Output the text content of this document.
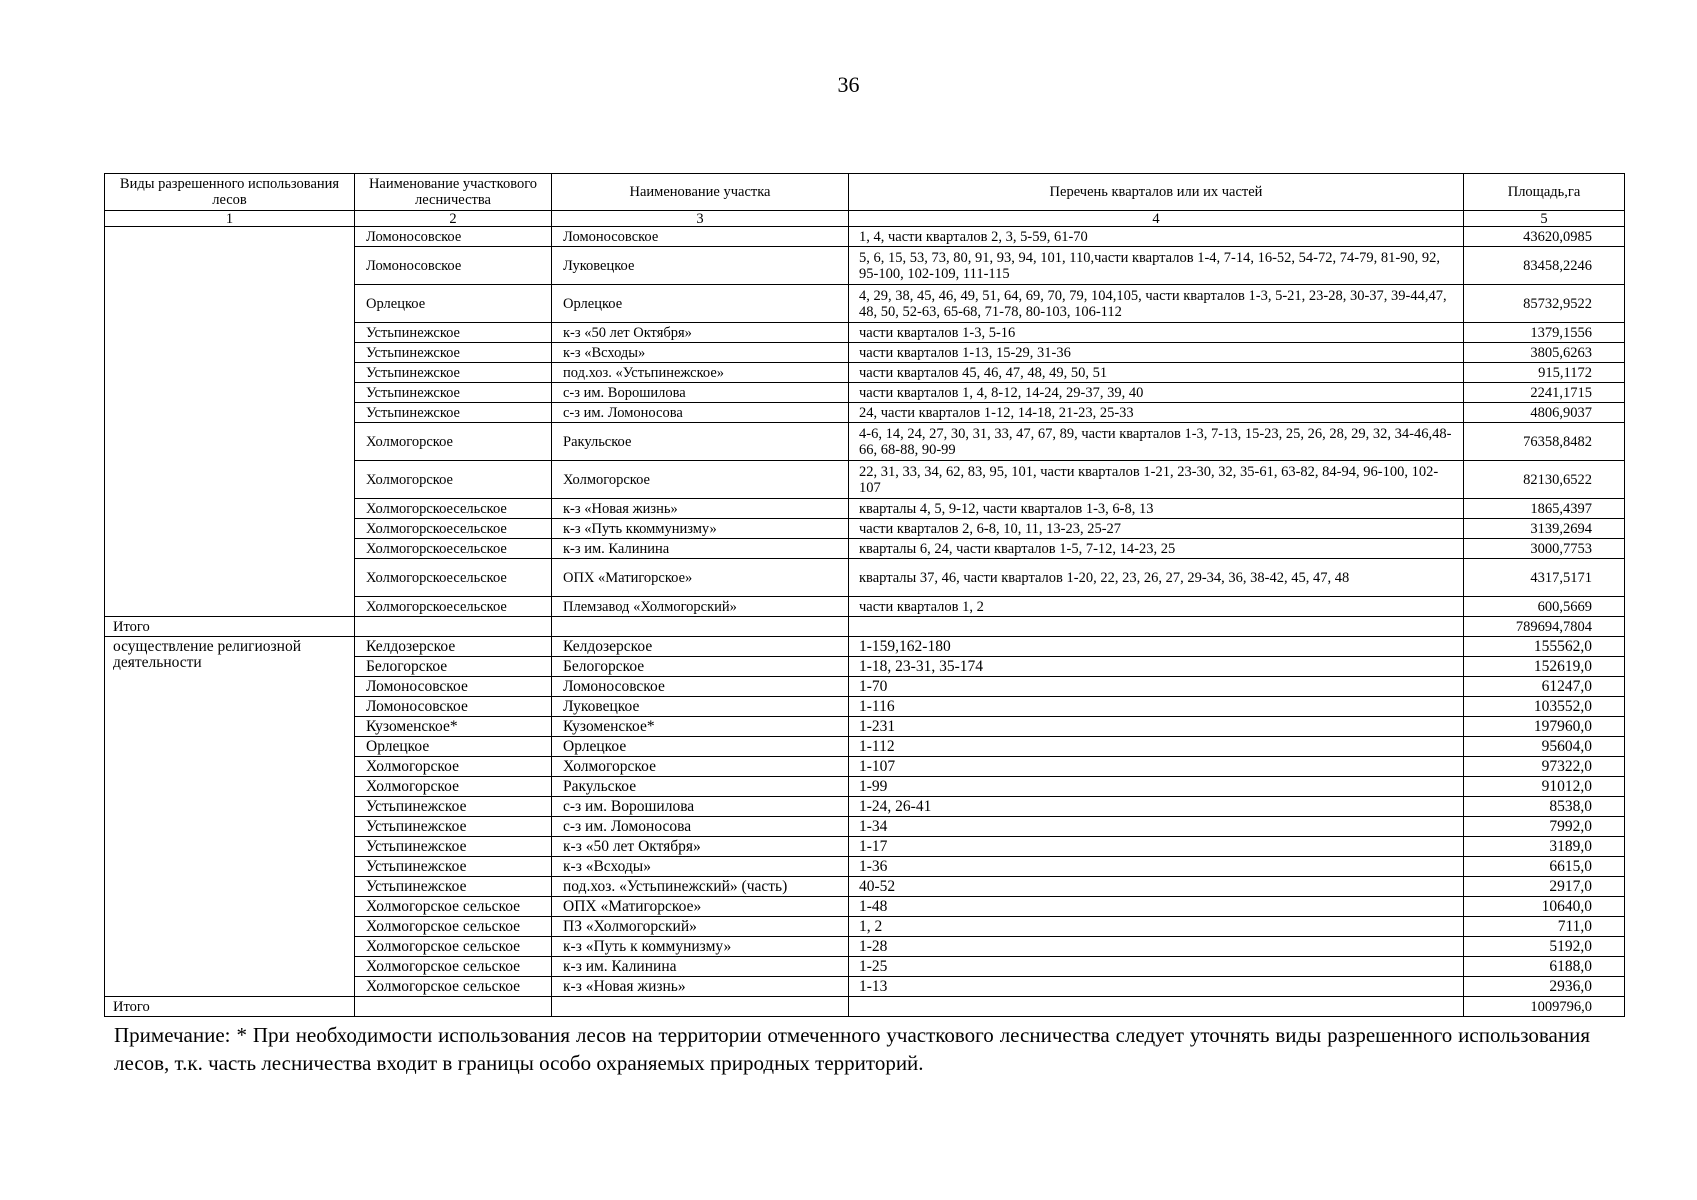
36
Виды разрешенного использования лесов	Наименование участкового лесничества	Наименование участка	Перечень кварталов или их частей	Площадь,га
1	2	3	4	5
	Ломоносовское	Ломоносовское	1, 4, части кварталов 2, 3, 5-59, 61-70	43620,0985
	Ломоносовское	Луковецкое	5, 6, 15, 53, 73, 80, 91, 93, 94, 101, 110,части кварталов 1-4, 7-14, 16-52, 54-72, 74-79, 81-90, 92, 95-100, 102-109, 111-115	83458,2246
	Орлецкое	Орлецкое	4, 29, 38, 45, 46, 49, 51, 64, 69, 70, 79, 104,105, части кварталов 1-3, 5-21, 23-28, 30-37, 39-44,47, 48, 50, 52-63, 65-68, 71-78, 80-103, 106-112	85732,9522
	Устьпинежское	к-з «50 лет Октября»	части кварталов 1-3, 5-16	1379,1556
	Устьпинежское	к-з «Всходы»	части кварталов 1-13, 15-29, 31-36	3805,6263
	Устьпинежское	под.хоз. «Устьпинежское»	части кварталов 45, 46, 47, 48, 49, 50, 51	915,1172
	Устьпинежское	с-з им. Ворошилова	части кварталов 1, 4, 8-12, 14-24, 29-37, 39, 40	2241,1715
	Устьпинежское	с-з им. Ломоносова	24, части кварталов 1-12, 14-18, 21-23, 25-33	4806,9037
	Холмогорское	Ракульское	4-6, 14, 24, 27, 30, 31, 33, 47, 67, 89, части кварталов 1-3, 7-13, 15-23, 25, 26, 28, 29, 32, 34-46,48-66, 68-88, 90-99	76358,8482
	Холмогорское	Холмогорское	22, 31, 33, 34, 62, 83, 95, 101, части кварталов 1-21, 23-30, 32, 35-61, 63-82, 84-94, 96-100, 102-107	82130,6522
	Холмогорскоесельское	к-з «Новая жизнь»	кварталы 4, 5, 9-12, части кварталов 1-3, 6-8, 13	1865,4397
	Холмогорскоесельское	к-з «Путь ккоммунизму»	части кварталов 2, 6-8, 10, 11, 13-23, 25-27	3139,2694
	Холмогорскоесельское	к-з им. Калинина	кварталы 6, 24, части кварталов 1-5, 7-12, 14-23, 25	3000,7753
	Холмогорскоесельское	ОПХ «Матигорское»	кварталы 37, 46, части кварталов 1-20, 22, 23, 26, 27, 29-34, 36, 38-42, 45, 47, 48	4317,5171
	Холмогорскоесельское	Племзавод «Холмогорский»	части кварталов 1, 2	600,5669
Итого				789694,7804
осуществление религиозной деятельности	Келдозерское	Келдозерское	1-159,162-180	155562,0
	Белогорское	Белогорское	1-18, 23-31, 35-174	152619,0
	Ломоносовское	Ломоносовское	1-70	61247,0
	Ломоносовское	Луковецкое	1-116	103552,0
	Кузоменское*	Кузоменское*	1-231	197960,0
	Орлецкое	Орлецкое	1-112	95604,0
	Холмогорское	Холмогорское	1-107	97322,0
	Холмогорское	Ракульское	1-99	91012,0
	Устьпинежское	с-з им. Ворошилова	1-24, 26-41	8538,0
	Устьпинежское	с-з им. Ломоносова	1-34	7992,0
	Устьпинежское	к-з «50 лет Октября»	1-17	3189,0
	Устьпинежское	к-з «Всходы»	1-36	6615,0
	Устьпинежское	под.хоз. «Устьпинежский» (часть)	40-52	2917,0
	Холмогорское сельское	ОПХ «Матигорское»	1-48	10640,0
	Холмогорское сельское	ПЗ «Холмогорский»	1, 2	711,0
	Холмогорское сельское	к-з «Путь к коммунизму»	1-28	5192,0
	Холмогорское сельское	к-з им. Калинина	1-25	6188,0
	Холмогорское сельское	к-з «Новая жизнь»	1-13	2936,0
Итого				1009796,0
Примечание: * При необходимости использования лесов на территории отмеченного участкового лесничества следует уточнять виды разрешенного использования лесов, т.к. часть лесничества входит в границы особо охраняемых природных территорий.
